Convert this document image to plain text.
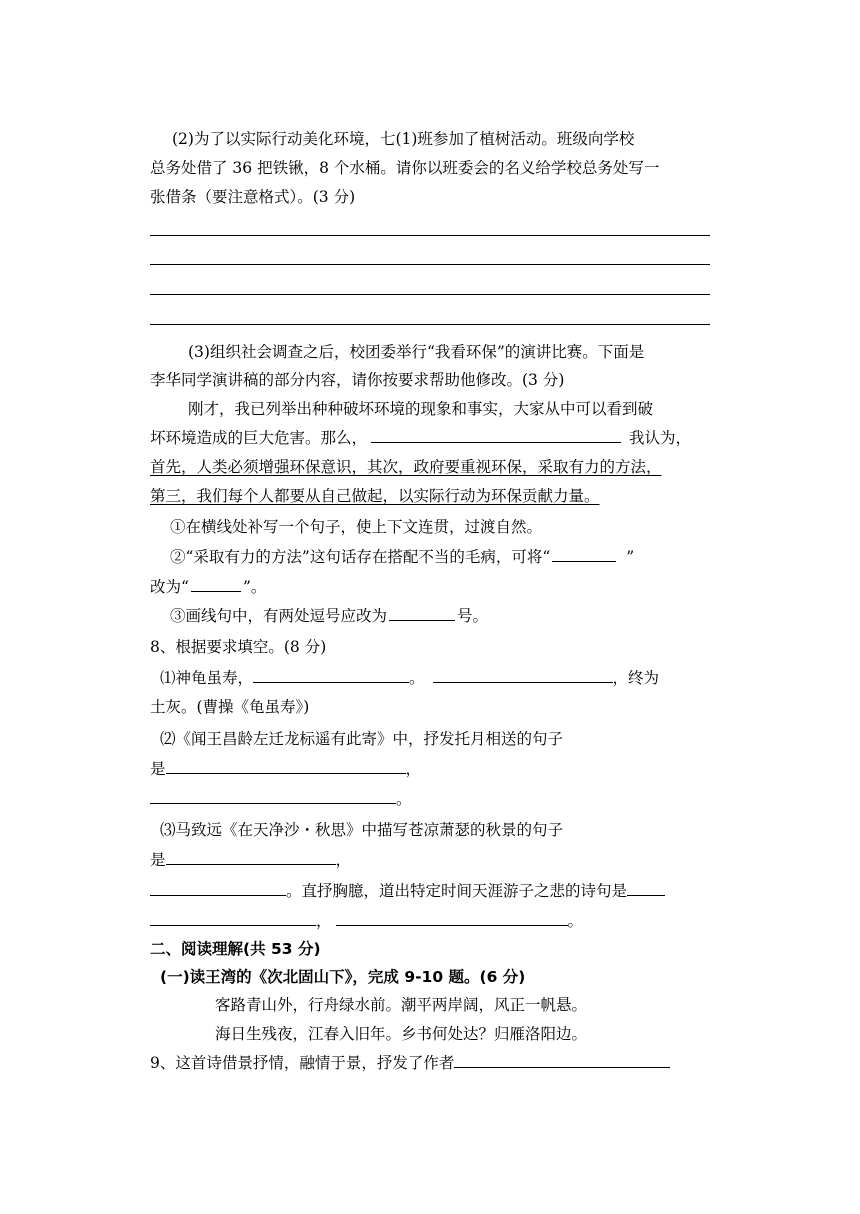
(2)为了以实际行动美化环境，七(1)班参加了植树活动。班级向学校
总务处借了 36 把铁锹，8 个水桶。请你以班委会的名义给学校总务处写一
张借条（要注意格式）。(3 分)
(3)组织社会调查之后，校团委举行“我看环保”的演讲比赛。下面是
李华同学演讲稿的部分内容，请你按要求帮助他修改。(3 分)
刚才，我已列举出种种破坏环境的现象和事实，大家从中可以看到破
坏环境造成的巨大危害。那么，	我认为，
首先，人类必须增强环保意识，其次，政府要重视环保，采取有力的方法，
第三，我们每个人都要从自己做起，以实际行动为环保贡献力量。
①在横线处补写一个句子，使上下文连贯，过渡自然。
②“采取有力的方法”这句话存在搭配不当的毛病，可将“	”
改为“	”。
③画线句中，有两处逗号应改为	号。
8、根据要求填空。(8 分)
⑴神龟虽寿，	。	，终为
土灰。(曹操《龟虽寿》)
⑵《闻王昌龄左迁龙标遥有此寄》中，抒发托月相送的句子
是	，
。
⑶马致远《在天净沙・秋思》中描写苍凉萧瑟的秋景的句子
是	，
。直抒胸臆，道出特定时间天涯游子之悲的诗句是
，	。
二、阅读理解(共 53 分)
(一)读王湾的《次北固山下》，完成 9-10 题。(6 分)
客路青山外，行舟绿水前。潮平两岸阔，风正一帆悬。
海日生残夜，江春入旧年。乡书何处达？归雁洛阳边。
9、这首诗借景抒情，融情于景，抒发了作者
